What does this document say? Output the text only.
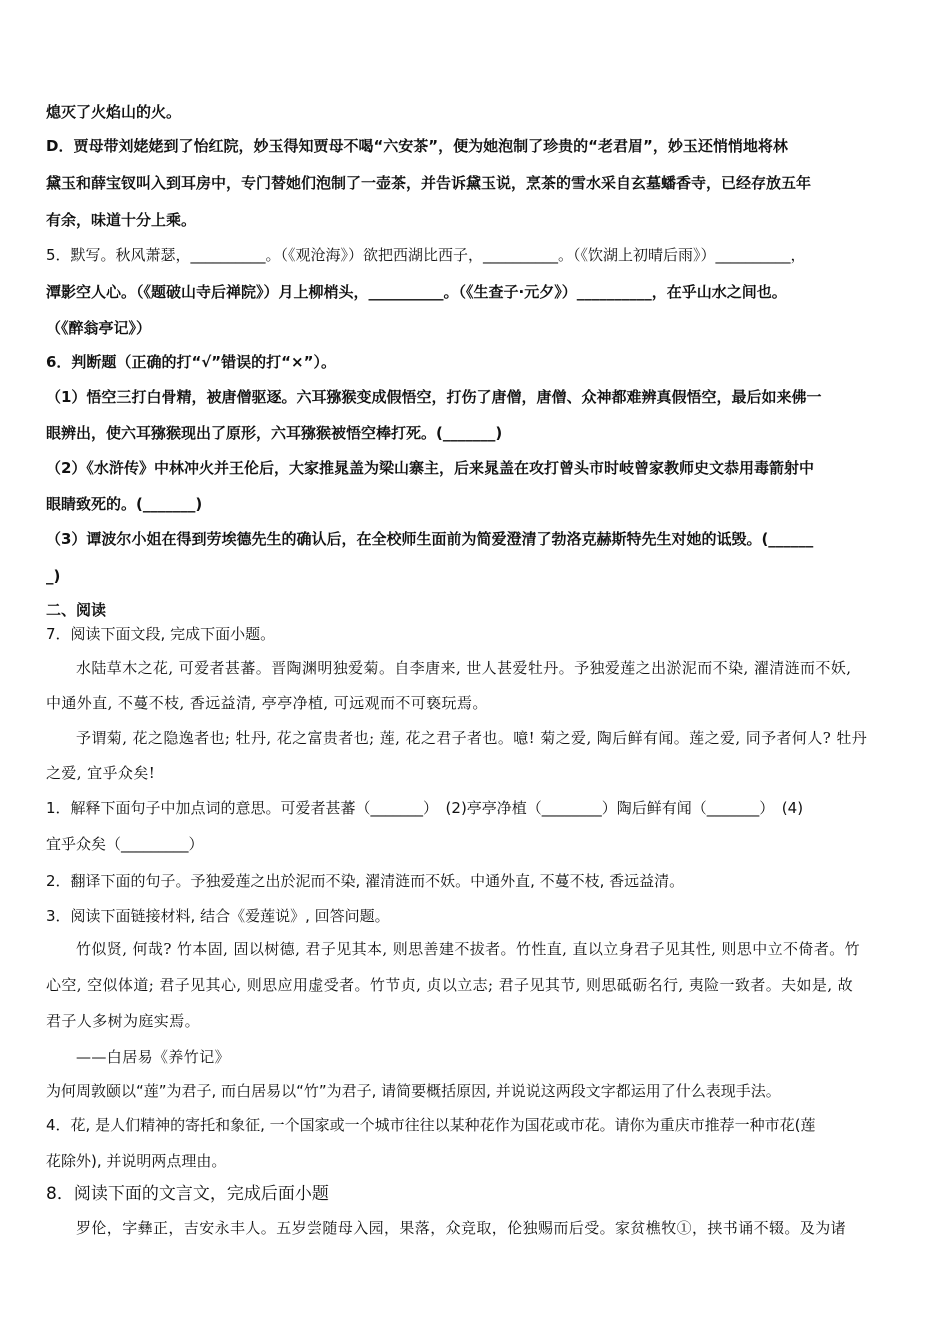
熄灭了火焰山的火。
D．贾母带刘姥姥到了怡红院，妙玉得知贾母不喝“六安茶”，便为她泡制了珍贵的“老君眉”，妙玉还悄悄地将林
黛玉和薛宝钗叫入到耳房中，专门替她们泡制了一壶茶，并告诉黛玉说，烹茶的雪水采自玄墓蟠香寺，已经存放五年
有余，味道十分上乘。
5．默写。秋风萧瑟，__________。（《观沧海》）欲把西湖比西子，__________。（《饮湖上初晴后雨》）__________，
潭影空人心。（《题破山寺后禅院》）月上柳梢头，__________。（《生查子·元夕》）__________，在乎山水之间也。
（《醉翁亭记》）
6．判断题（正确的打“√”错误的打“×”）。
（1）悟空三打白骨精，被唐僧驱逐。六耳猕猴变成假悟空，打伤了唐僧，唐僧、众神都难辨真假悟空，最后如来佛一
眼辨出，使六耳猕猴现出了原形，六耳猕猴被悟空棒打死。(_______)
（2）《水浒传》中林冲火并王伦后，大家推晁盖为梁山寨主，后来晁盖在攻打曾头市时岐曾家教师史文恭用毒箭射中
眼睛致死的。(_______)
（3）谭波尔小姐在得到劳埃德先生的确认后，在全校师生面前为简爱澄清了勃洛克赫斯特先生对她的诋毁。(______
_)
二、阅读
7．阅读下面文段, 完成下面小题。
水陆草木之花, 可爱者甚蕃。晋陶渊明独爱菊。自李唐来, 世人甚爱牡丹。予独爱莲之出淤泥而不染, 濯清涟而不妖,
中通外直, 不蔓不枝, 香远益清, 亭亭净植, 可远观而不可亵玩焉。
予谓菊, 花之隐逸者也; 牡丹, 花之富贵者也; 莲, 花之君子者也。噫! 菊之爱, 陶后鲜有闻。莲之爱, 同予者何人? 牡丹
之爱, 宜乎众矣!
1．解释下面句子中加点词的意思。可爱者甚蕃（_______）　(2)亭亭净植（________）陶后鲜有闻（_______）　(4)
宜乎众矣（_________）
2．翻译下面的句子。予独爱莲之出於泥而不染, 濯清涟而不妖。中通外直, 不蔓不枝, 香远益清。
3．阅读下面链接材料, 结合《爱莲说》, 回答问题。
竹似贤, 何哉? 竹本固, 固以树德, 君子见其本, 则思善建不拔者。竹性直, 直以立身君子见其性, 则思中立不倚者。竹
心空, 空似体道; 君子见其心, 则思应用虚受者。竹节贞, 贞以立志; 君子见其节, 则思砥砺名行, 夷险一致者。夫如是, 故
君子人多树为庭实焉。
——白居易《养竹记》
为何周敦颐以“莲”为君子, 而白居易以“竹”为君子, 请简要概括原因, 并说说这两段文字都运用了什么表现手法。
4．花, 是人们精神的寄托和象征, 一个国家或一个城市往往以某种花作为国花或市花。请你为重庆市推荐一种市花(莲
花除外), 并说明两点理由。
8．阅读下面的文言文，完成后面小题
罗伦，字彝正，吉安永丰人。五岁尝随母入园，果落，众竞取，伦独赐而后受。家贫樵牧①，挟书诵不辍。及为诸
